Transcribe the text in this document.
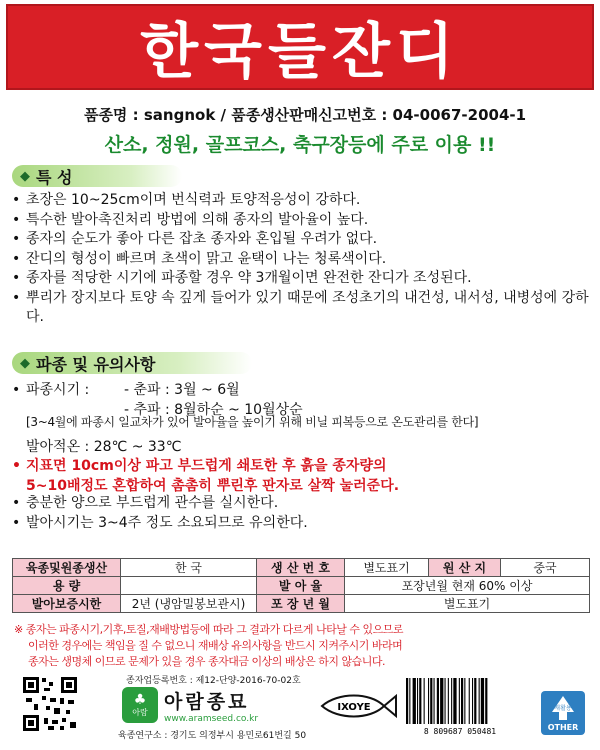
한국들잔디
품종명 : sangnok / 품종생산판매신고번호 : 04-0067-2004-1
산소, 정원, 골프코스, 축구장등에 주로 이용 !!
◆ 특 성
• 초장은 10~25cm이며 번식력과 토양적응성이 강하다.
• 특수한 발아촉진처리 방법에 의해 종자의 발아율이 높다.
• 종자의 순도가 좋아 다른 잡초 종자와 혼입될 우려가 없다.
• 잔디의 형성이 빠르며 초색이 맑고 윤택이 나는 청록색이다.
• 종자를 적당한 시기에 파종할 경우 약 3개월이면 완전한 잔디가 조성된다.
• 뿌리가 장지보다 토양 속 깊게 들어가 있기 때문에 조성초기의 내건성, 내서성, 내병성에 강하다.
◆ 파종 및 유의사항
• 파종시기 : - 춘파 : 3월 ~ 6월
- 추파 : 8월하순 ~ 10월상순
[3~4월에 파종시 일교차가 있어 발아율을 높이기 위해 비닐 피복등으로 온도관리를 한다]
발아적온 : 28℃ ~ 33℃
• 지표면 10cm이상 파고 부드럽게 쇄토한 후 흙을 종자량의
5~10배정도 혼합하여 촘촘히 뿌린후 판자로 살짝 눌러준다.
• 충분한 양으로 부드럽게 관수를 실시한다.
• 발아시기는 3~4주 정도 소요되므로 유의한다.
육종및원종생산	한 국	생 산 번 호	별도표기	원 산 지	중국
용 량		발 아 율	포장년월 현재 60% 이상		
발아보증시한	2년 (냉암밀봉보관시)	포 장 년 월	별도표기		
※ 종자는 파종시기,기후,토질,재배방법등에 따라 그 결과가 다르게 나타날 수 있으므로
이러한 경우에는 책임을 질 수 없으니 재배상 유의사항을 반드시 지켜주시기 바라며
종자는 생명체 이므로 문제가 있을 경우 종자대금 이상의 배상은 하지 않습니다.
종자업등록번호 : 제12-단양-2016-70-02호
♣
아람 아람종묘
www.aramseed.co.kr
육종연구소 : 경기도 의정부시 용민로61번길 50
IXOYE
8 809687 050481
재활용
OTHER
